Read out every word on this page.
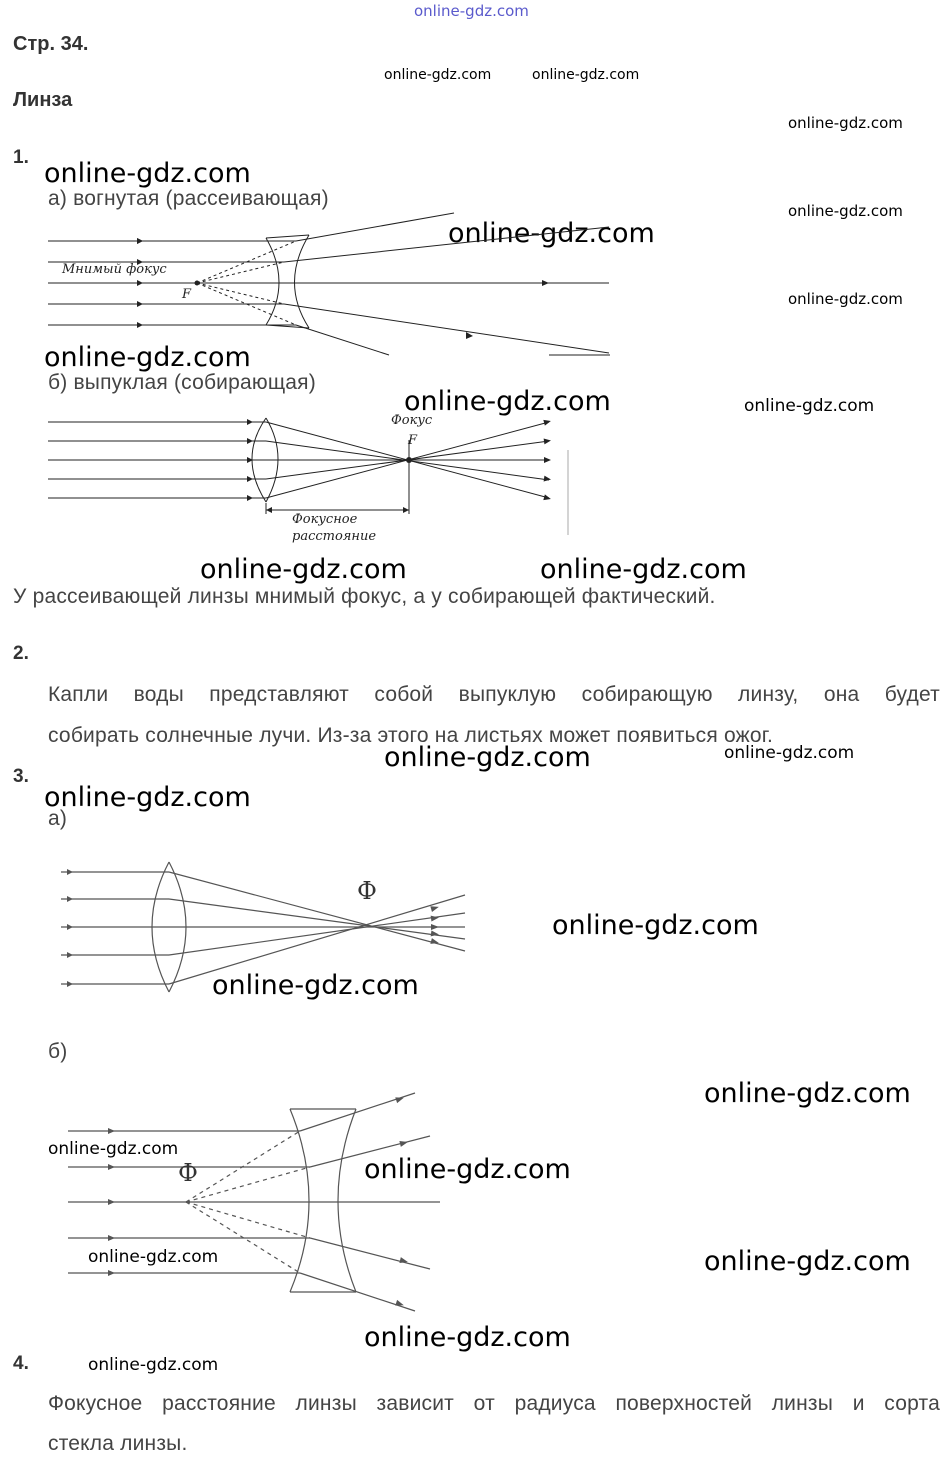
online-gdz.com
Стр. 34.
Линза
online-gdz.com	online-gdz.com
online-gdz.com
online-gdz.com
online-gdz.com
1.
online-gdz.com
а) вогнутая (рассеивающая)
online-gdz.com
Мнимый фокус
F
online-gdz.com
б) выпуклая (собирающая)
online-gdz.com	online-gdz.com
Фокус
F
Фокусное
расстояние
online-gdz.com	online-gdz.com
У рассеивающей линзы мнимый фокус, а у собирающей фактический.
2.
Капли воды представляют собой выпуклую собирающую линзу, она будет
собирать солнечные лучи. Из-за этого на листьях может появиться ожог.
online-gdz.com	online-gdz.com
3.
online-gdz.com
а)
Ф
online-gdz.com
online-gdz.com
б)
online-gdz.com
Ф
online-gdz.com
online-gdz.com
online-gdz.com	online-gdz.com
online-gdz.com
4.	online-gdz.com
Фокусное расстояние линзы зависит от радиуса поверхностей линзы и сорта
стекла линзы.
